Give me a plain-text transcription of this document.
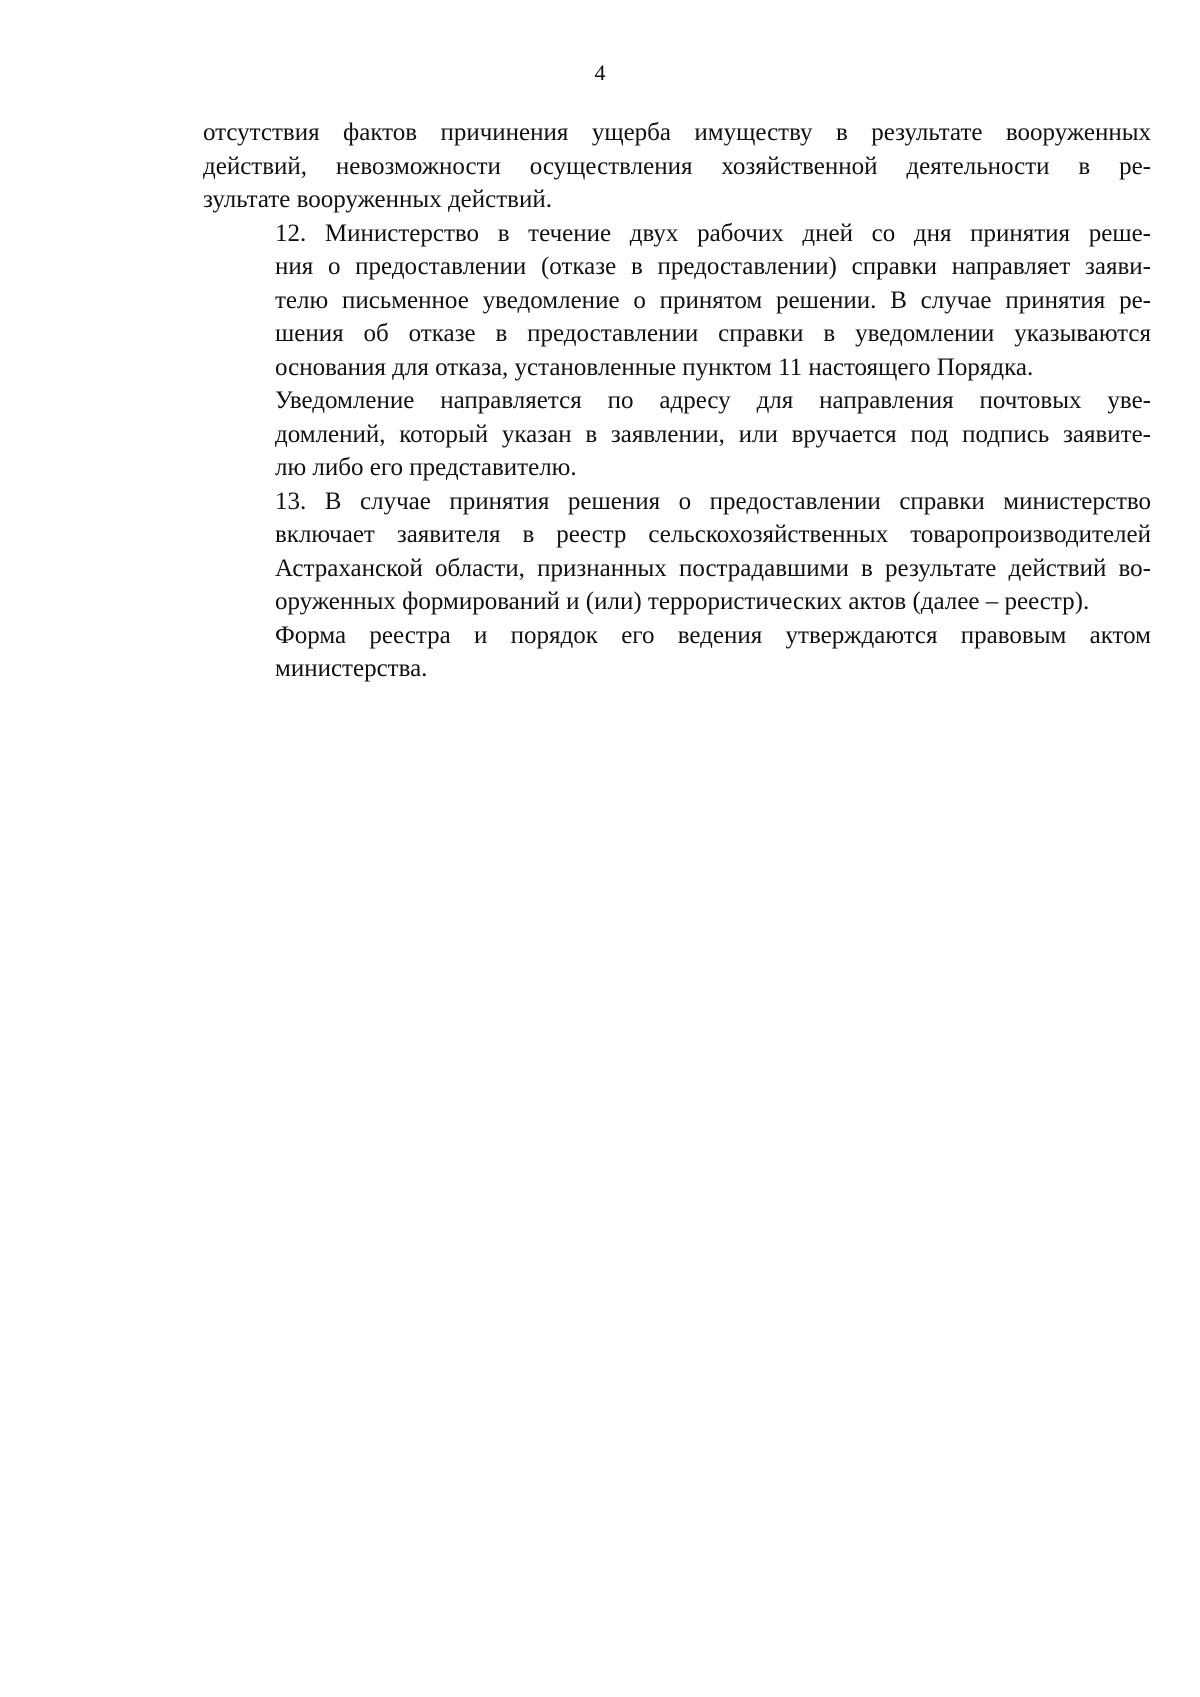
4

отсутствия фактов причинения ущерба имуществу в результате вооруженных
действий, невозможности осуществления хозяйственной деятельности в ре-
зультате вооруженных действий.

12. Министерство в течение двух рабочих дней со дня принятия реше-
ния о предоставлении (отказе в предоставлении) справки направляет заяви-
телю письменное уведомление о принятом решении. В случае принятия ре-
шения об отказе в предоставлении справки в уведомлении указываются
основания для отказа, установленные пунктом 11 настоящего Порядка.

Уведомление направляется по адресу для направления почтовых уве-
домлений, который указан в заявлении, или вручается под подпись заявите-
лю либо его представителю.

13. В случае принятия решения о предоставлении справки министерство
включает заявителя в реестр сельскохозяйственных товаропроизводителей
Астраханской области, признанных пострадавшими в результате действий во-
оруженных формирований и (или) террористических актов (далее – реестр).

Форма реестра и порядок его ведения утверждаются правовым актом
министерства.
